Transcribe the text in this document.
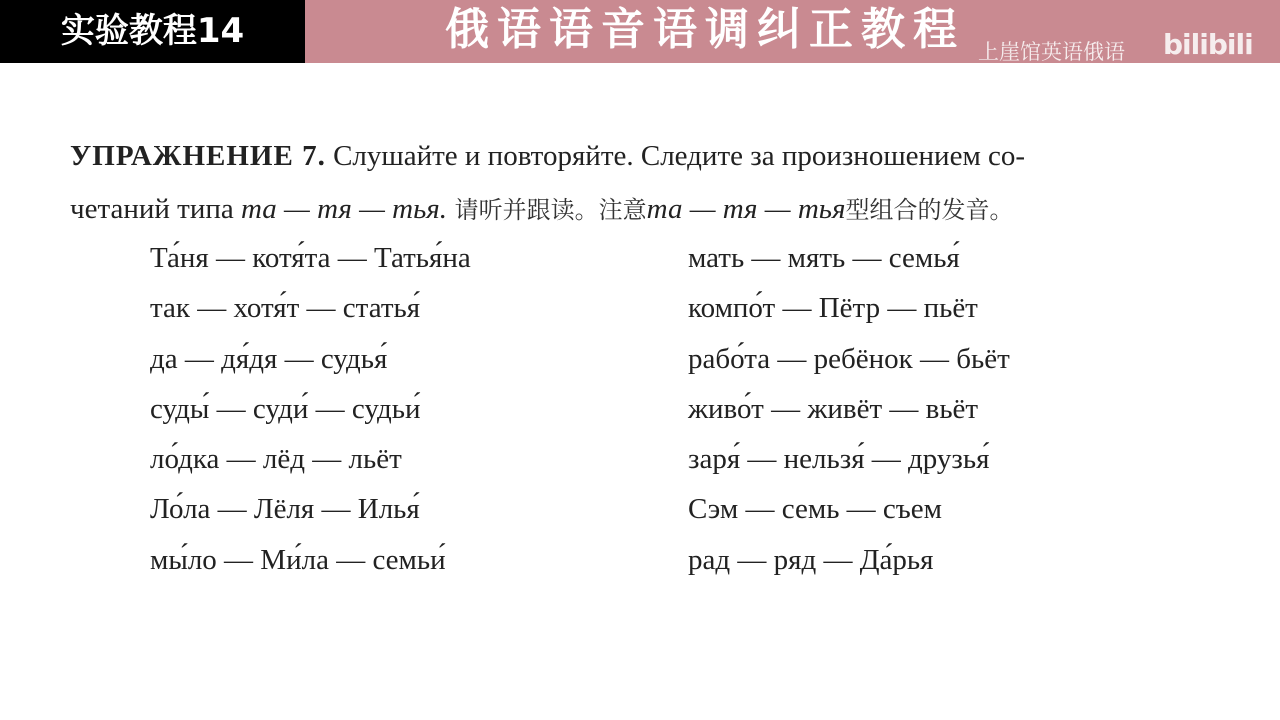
实验教程14	俄语语音语调纠正教程 上崖馆英语俄语 bilibili
УПРАЖНЕНИЕ 7. Слушайте и повторяйте. Следите за произношением со-
четаний типа та — тя — тья. 请听并跟读。注意та — тя — тья型组合的发音。
Та́ня — котя́та — Татья́на
так — хотя́т — статья́
да — дя́дя — судья́
суды́ — суди́ — судьи́
ло́дка — лёд — льёт
Ло́ла — Лёля — Илья́
мы́ло — Ми́ла — семьи́
мать — мять — семья́
компо́т — Пётр — пьёт
рабо́та — ребёнок — бьёт
живо́т — живёт — вьёт
заря́ — нельзя́ — друзья́
Сэм — семь — съем
рад — ряд — Да́рья
